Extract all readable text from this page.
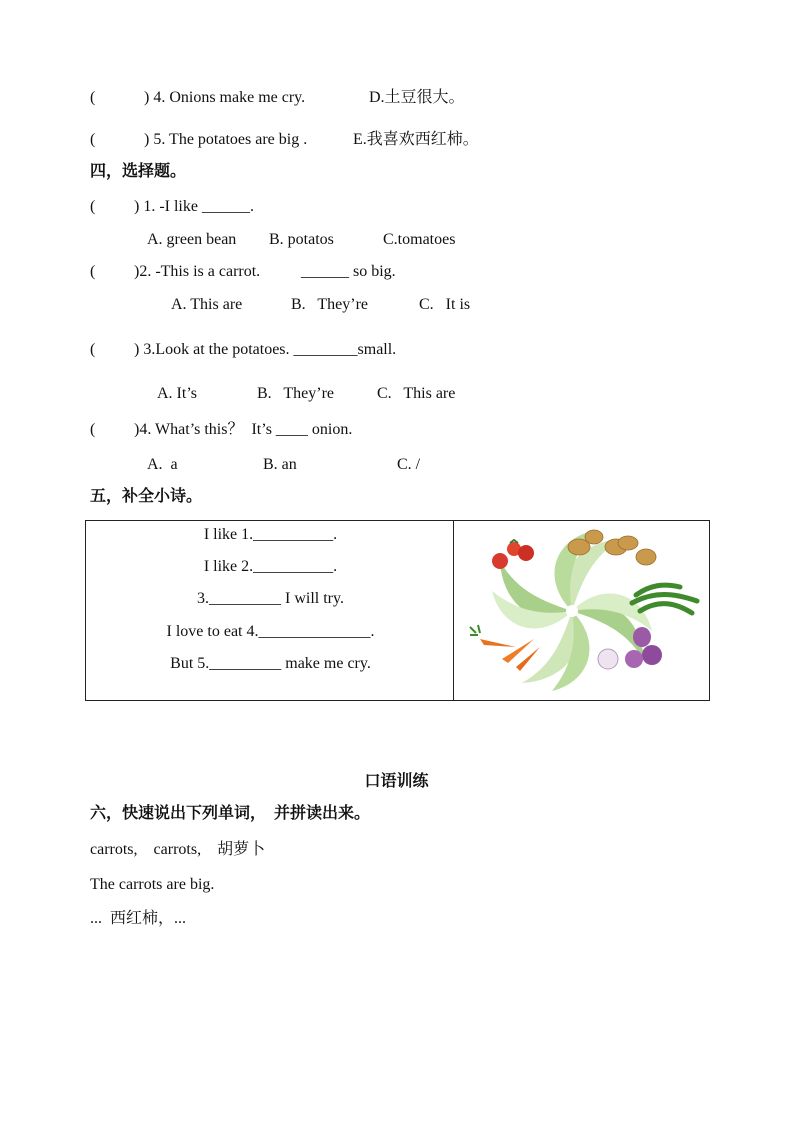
(	) 4. Onions make me cry.	D.土豆很大。
(	) 5. The potatoes are big .	E.我喜欢西红柿。
四，选择题。
( ) 1. -I like ______.
A. green bean B. potatos	C.tomatoes
( )2. -This is a carrot.	______ so big.
A. This are	B.   They’re	C.   It is
( ) 3.Look at the potatoes. ________small.
A. It’s	B.   They’re	C.   This are
( )4. What’s this？  It’s ____ onion.
A.  a	B. an	C. /
五，补全小诗。
I like 1.__________.
I like 2.__________.
3._________ I will try.
I love to eat 4.______________.
But 5._________ make me cry.

口语训练
六，快速说出下列单词，  并拼读出来。
carrots,    carrots,    胡萝卜
The carrots are big.
...  西红柿，...
